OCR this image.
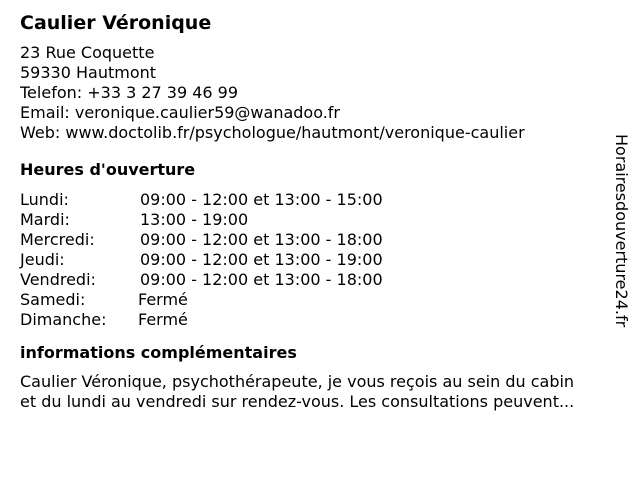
Caulier Véronique
23 Rue Coquette
59330 Hautmont
Telefon: +33 3 27 39 46 99
Email: veronique.caulier59@wanadoo.fr
Web: www.doctolib.fr/psychologue/hautmont/veronique-caulier
Heures d'ouverture
Lundi:	09:00 - 12:00 et 13:00 - 15:00
Mardi:	13:00 - 19:00
Mercredi:	09:00 - 12:00 et 13:00 - 18:00
Jeudi:	09:00 - 12:00 et 13:00 - 19:00
Vendredi:	09:00 - 12:00 et 13:00 - 18:00
Samedi:	Fermé
Dimanche:	Fermé
informations complémentaires
Caulier Véronique, psychothérapeute, je vous reçois au sein du cabin
et du lundi au vendredi sur rendez-vous. Les consultations peuvent...
Horairesdouverture24.fr
